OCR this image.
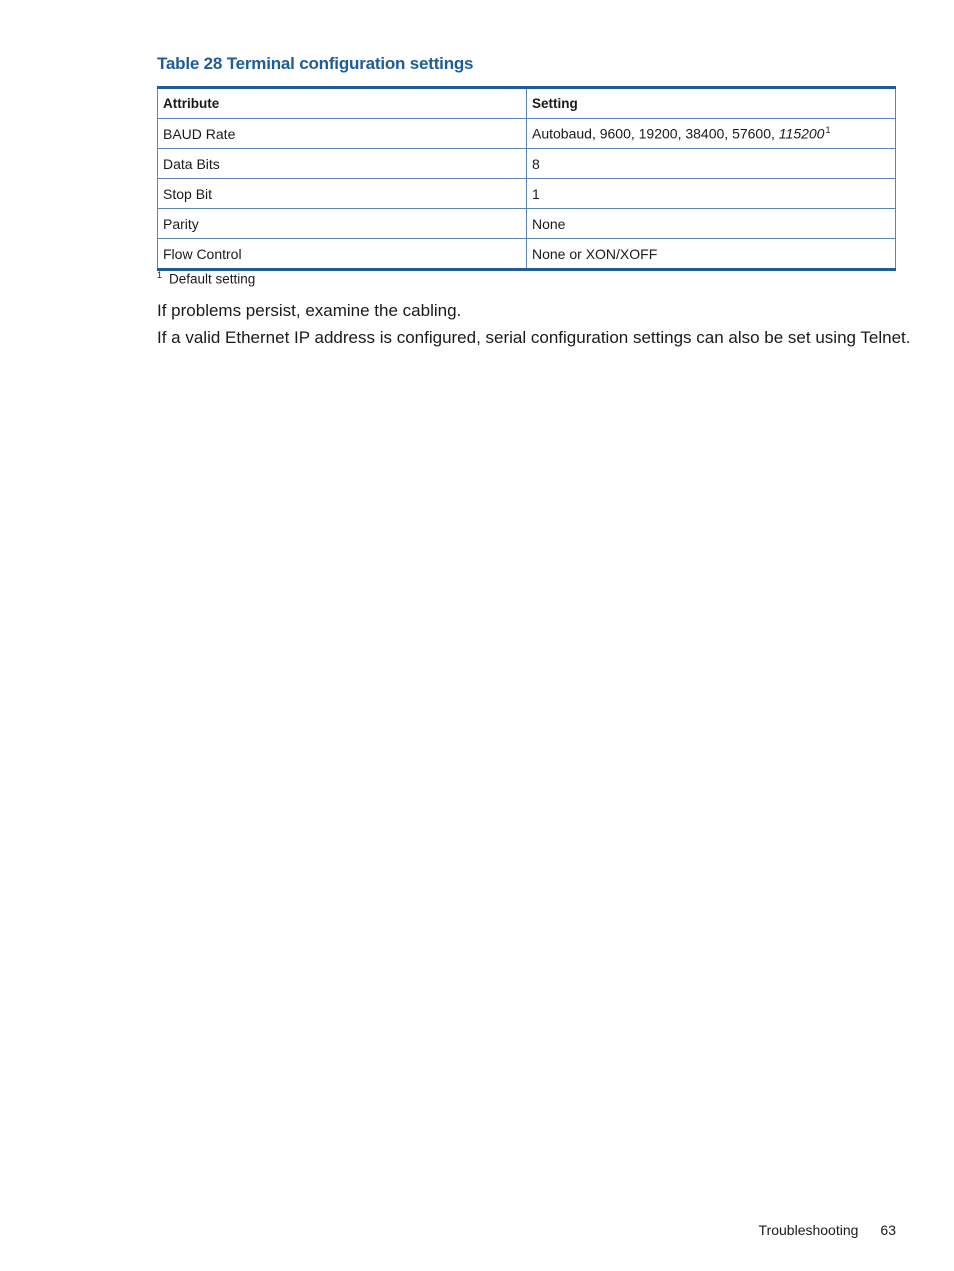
Table 28 Terminal configuration settings
Attribute	Setting
BAUD Rate	Autobaud, 9600, 19200, 38400, 57600, 115200$^1$
Data Bits	8
Stop Bit	1
Parity	None
Flow Control	None or XON/XOFF
$^1$ Default setting
If problems persist, examine the cabling.
If a valid Ethernet IP address is configured, serial configuration settings can also be set using Telnet.
Troubleshooting 63
